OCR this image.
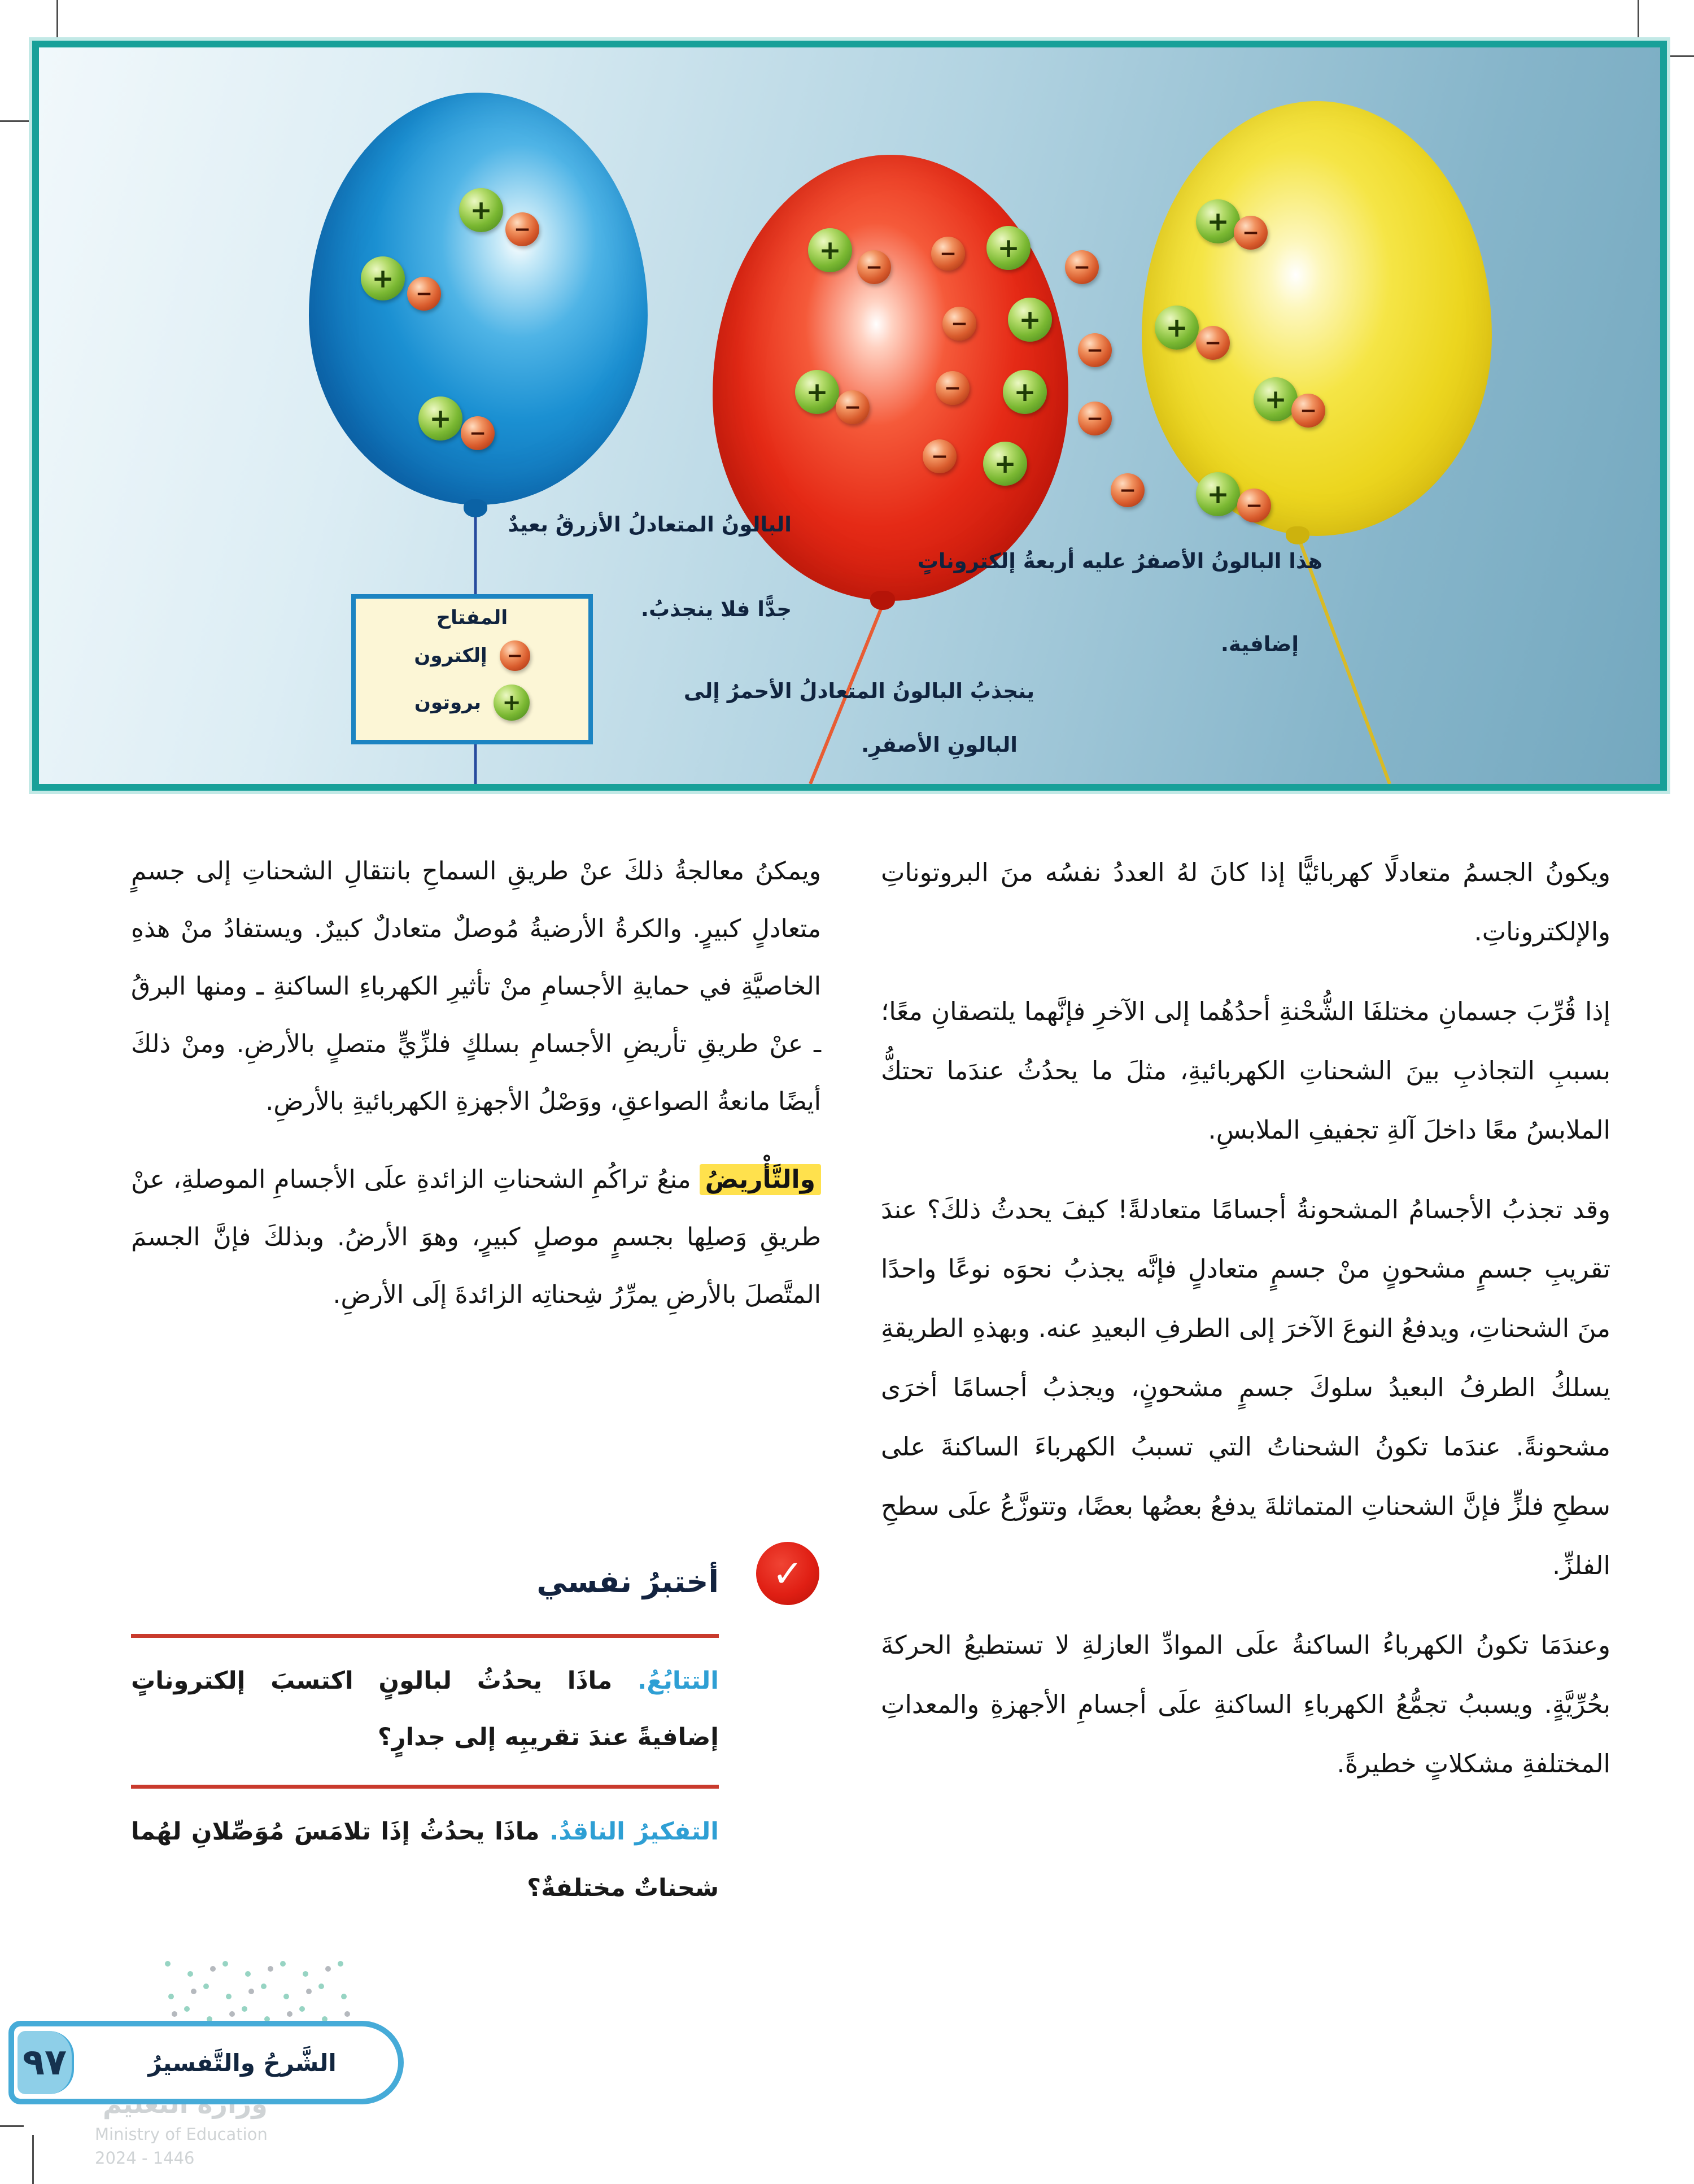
+
−
+	−
+ −
+
−
−	+
−	+
+ −
−	+
−	+
+ −
−
+ −
−
+ −
−
−	+ −
البالونُ المتعادلُ الأزرقُ بعيدٌ
جدًّا فلا ينجذبُ.
هذا البالونُ الأصفرُ عليه أربعةُ إلكتروناتٍ
إضافية.
ينجذبُ البالونُ المتعادلُ الأحمرُ إلى
البالونِ الأصفرِ.
المفتاح
−
إلكترون
+
بروتون

ويكونُ الجسمُ متعادلًا كهربائيًّا إذا كانَ لهُ العددُ نفسُه منَ البروتوناتِ والإلكتروناتِ.

إذا قُرِّبَ جسمانِ مختلفَا الشُّحْنةِ أحدُهُما إلى الآخرِ فإنَّهما يلتصقانِ معًا؛ بسببِ التجاذبِ بينَ الشحناتِ الكهربائيةِ، مثلَ ما يحدُثُ عندَما تحتكُّ الملابسُ معًا داخلَ آلةِ تجفيفِ الملابسِ.

وقد تجذبُ الأجسامُ المشحونةُ أجسامًا متعادلةً! كيفَ يحدثُ ذلكَ؟ عندَ تقريبِ جسمٍ مشحونٍ منْ جسمٍ متعادلٍ فإنَّه يجذبُ نحوَه نوعًا واحدًا منَ الشحناتِ، ويدفعُ النوعَ الآخرَ إلى الطرفِ البعيدِ عنه. وبهذهِ الطريقةِ يسلكُ الطرفُ البعيدُ سلوكَ جسمٍ مشحونٍ، ويجذبُ أجسامًا أخرَى مشحونةً. عندَما تكونُ الشحناتُ التي تسببُ الكهرباءَ الساكنةَ على سطحِ فلزٍّ فإنَّ الشحناتِ المتماثلةَ يدفعُ بعضُها بعضًا، وتتوزَّعُ علَى سطحِ الفلزِّ.

وعندَمَا تكونُ الكهرباءُ الساكنةُ علَى الموادِّ العازلةِ لا تستطيعُ الحركةَ بحُرِّيَّةٍ. ويسببُ تجمُّعُ الكهرباءِ الساكنةِ علَى أجسامِ الأجهزةِ والمعداتِ المختلفةِ مشكلاتٍ خطيرةً.

ويمكنُ معالجةُ ذلكَ عنْ طريقِ السماحِ بانتقالِ الشحناتِ إلى جسمٍ متعادلٍ كبيرٍ. والكرةُ الأرضيةُ مُوصلٌ متعادلٌ كبيرٌ. ويستفادُ منْ هذهِ الخاصيَّةِ في حمايةِ الأجسامِ منْ تأثيرِ الكهرباءِ الساكنةِ ـ ومنها البرقُ ـ عنْ طريقِ تأريضِ الأجسامِ بسلكٍ فلزِّيٍّ متصلٍ بالأرضِ. ومنْ ذلكَ أيضًا مانعةُ الصواعقِ، ووَصْلُ الأجهزةِ الكهربائيةِ بالأرضِ.

والتَّأْريضُ منعُ تراكُمِ الشحناتِ الزائدةِ علَى الأجسامِ الموصلةِ، عنْ طريقِ وَصلِها بجسمٍ موصلٍ كبيرٍ، وهوَ الأرضُ. وبذلكَ فإنَّ الجسمَ المتَّصلَ بالأرضِ يمرِّرُ شِحناتِه الزائدةَ إلَى الأرضِ.

✓
أختبرُ نفسي

التتابُعُ. ماذَا يحدُثُ لبالونٍ اكتسبَ إلكتروناتٍ إضافيةً عندَ تقريبِه إلى جدارٍ؟

التفكيرُ الناقدُ. ماذَا يحدُثُ إذَا تلامَسَ مُوَصِّلانِ لهُما شحناتٌ مختلفةٌ؟

Ministry of Education
2024 - 1446
الشَّرحُ والتَّفسيرُ
٩٧
